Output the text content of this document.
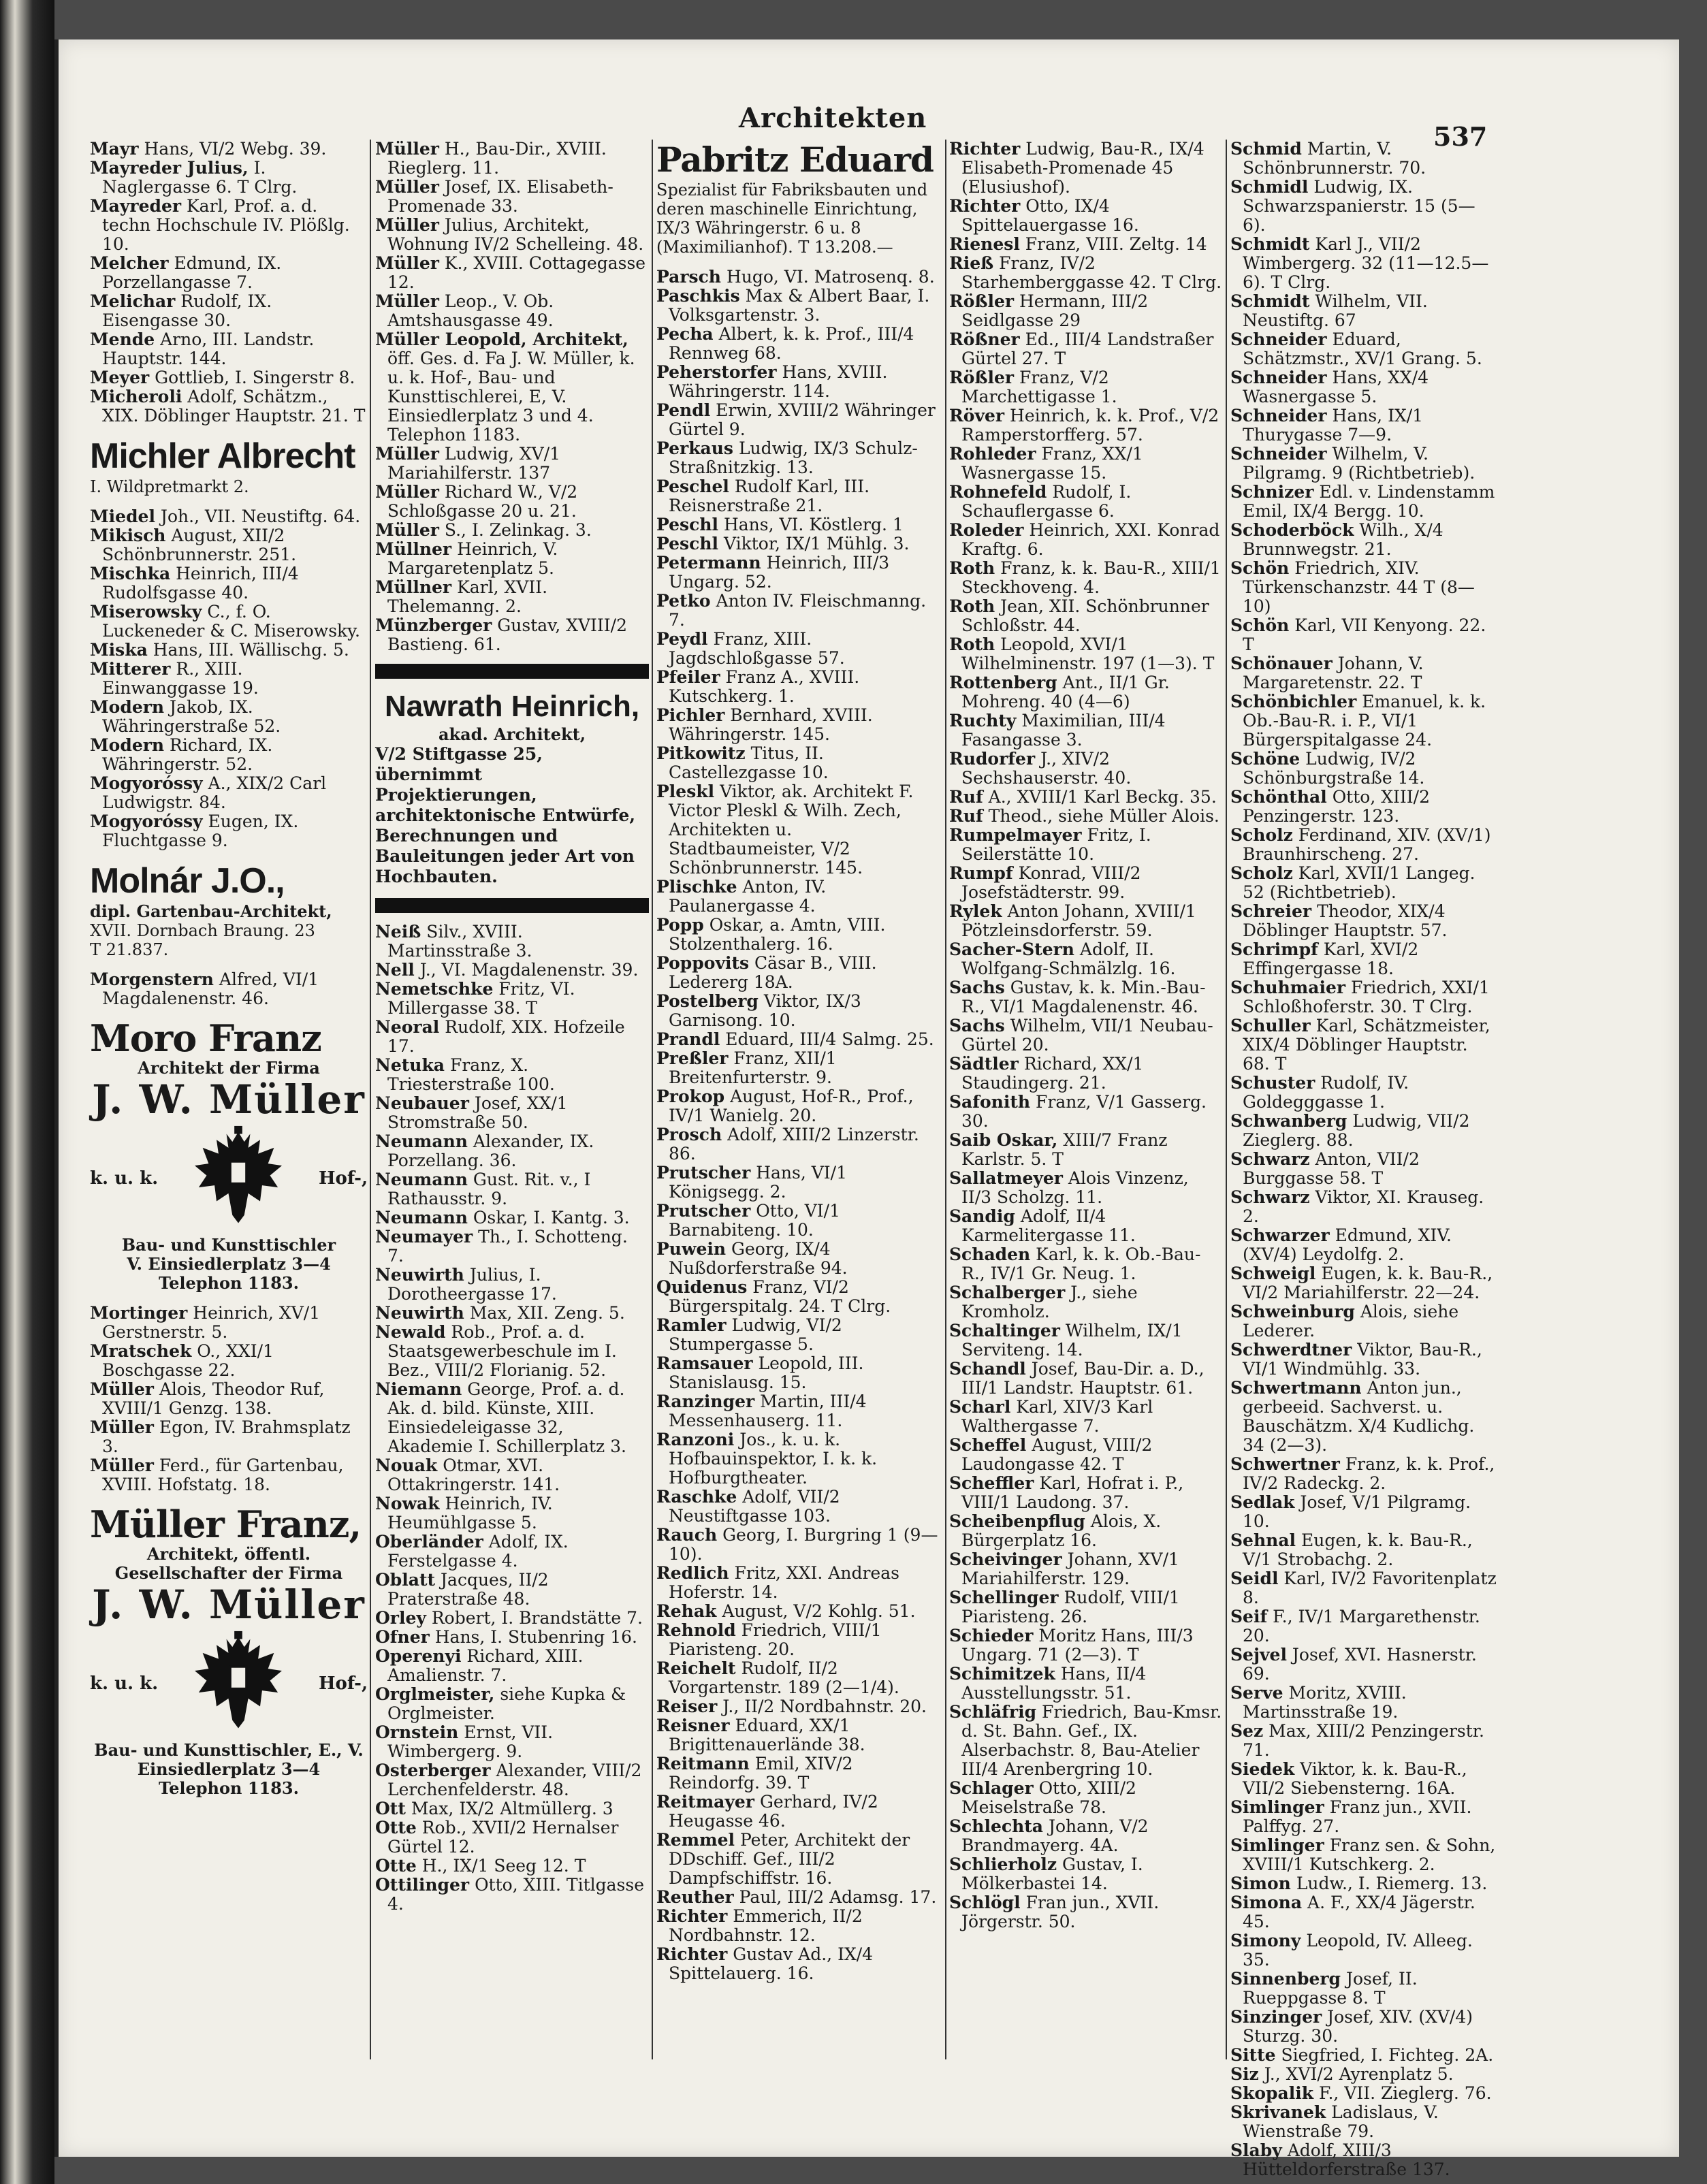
Architekten
537

Mayr Hans, VI/2 Webg. 39.

Mayreder Julius, I. Naglergasse 6. T Clrg.

Mayreder Karl, Prof. a. d. techn Hochschule IV. Plößlg. 10.

Melcher Edmund, IX. Porzellangasse 7.

Melichar Rudolf, IX. Eisengasse 30.

Mende Arno, III. Landstr. Hauptstr. 144.

Meyer Gottlieb, I. Singerstr 8.

Micheroli Adolf, Schätzm., XIX. Döblinger Hauptstr. 21. T

Michler Albrecht
I. Wildpretmarkt 2.

Miedel Joh., VII. Neustiftg. 64.

Mikisch August, XII/2 Schönbrunnerstr. 251.

Mischka Heinrich, III/4 Rudolfsgasse 40.

Miserowsky C., f. O. Luckeneder & C. Miserowsky.

Miska Hans, III. Wällischg. 5.

Mitterer R., XIII. Einwanggasse 19.

Modern Jakob, IX. Währingerstraße 52.

Modern Richard, IX. Währingerstr. 52.

Mogyoróssy A., XIX/2 Carl Ludwigstr. 84.

Mogyoróssy Eugen, IX. Fluchtgasse 9.

Molnár J.O.,
dipl. Gartenbau-Architekt,
XVII. Dornbach Braung. 23
T 21.837.

Morgenstern Alfred, VI/1 Magdalenenstr. 46.

Moro Franz
Architekt der Firma
J. W. Müller
k. u. k.	Hof-,
Bau- und Kunsttischler
V. Einsiedlerplatz 3—4
Telephon 1183.

Mortinger Heinrich, XV/1 Gerstnerstr. 5.

Mratschek O., XXI/1 Boschgasse 22.

Müller Alois, Theodor Ruf, XVIII/1 Genzg. 138.

Müller Egon, IV. Brahmsplatz 3.

Müller Ferd., für Gartenbau, XVIII. Hofstatg. 18.

Müller Franz,
Architekt, öffentl. Gesellschafter der Firma
J. W. Müller
k. u. k.	Hof-,
Bau- und Kunsttischler, E., V. Einsiedlerplatz 3—4
Telephon 1183.

Müller H., Bau-Dir., XVIII. Rieglerg. 11.

Müller Josef, IX. Elisabeth-Promenade 33.

Müller Julius, Architekt, Wohnung IV/2 Schelleing. 48.

Müller K., XVIII. Cottagegasse 12.

Müller Leop., V. Ob. Amtshausgasse 49.

Müller Leopold, Architekt, öff. Ges. d. Fa J. W. Müller, k. u. k. Hof-, Bau- und Kunsttischlerei, E, V. Einsiedlerplatz 3 und 4. Telephon 1183.

Müller Ludwig, XV/1 Mariahilferstr. 137

Müller Richard W., V/2 Schloßgasse 20 u. 21.

Müller S., I. Zelinkag. 3.

Müllner Heinrich, V. Margaretenplatz 5.

Müllner Karl, XVII. Thelemanng. 2.

Münzberger Gustav, XVIII/2 Bastieng. 61.

Nawrath Heinrich,
akad. Architekt,
V/2 Stiftgasse 25, übernimmt Projektierungen, architektonische Entwürfe, Berechnungen und Bauleitungen jeder Art von Hochbauten.

Neiß Silv., XVIII. Martinsstraße 3.

Nell J., VI. Magdalenenstr. 39.

Nemetschke Fritz, VI. Millergasse 38. T

Neoral Rudolf, XIX. Hofzeile 17.

Netuka Franz, X. Triesterstraße 100.

Neubauer Josef, XX/1 Stromstraße 50.

Neumann Alexander, IX. Porzellang. 36.

Neumann Gust. Rit. v., I Rathausstr. 9.

Neumann Oskar, I. Kantg. 3.

Neumayer Th., I. Schotteng. 7.

Neuwirth Julius, I. Dorotheergasse 17.

Neuwirth Max, XII. Zeng. 5.

Newald Rob., Prof. a. d. Staatsgewerbeschule im I. Bez., VIII/2 Florianig. 52.

Niemann George, Prof. a. d. Ak. d. bild. Künste, XIII. Einsiedeleigasse 32, Akademie I. Schillerplatz 3.

Nouak Otmar, XVI. Ottakringerstr. 141.

Nowak Heinrich, IV. Heumühlgasse 5.

Oberländer Adolf, IX. Ferstelgasse 4.

Oblatt Jacques, II/2 Praterstraße 48.

Orley Robert, I. Brandstätte 7.

Ofner Hans, I. Stubenring 16.

Operenyi Richard, XIII. Amalienstr. 7.

Orglmeister, siehe Kupka & Orglmeister.

Ornstein Ernst, VII. Wimbergerg. 9.

Osterberger Alexander, VIII/2 Lerchenfelderstr. 48.

Ott Max, IX/2 Altmüllerg. 3

Otte Rob., XVII/2 Hernalser Gürtel 12.

Otte H., IX/1 Seeg 12. T

Ottilinger Otto, XIII. Titlgasse 4.

Pabritz Eduard
Spezialist für Fabriksbauten und deren maschinelle Einrichtung, IX/3 Währingerstr. 6 u. 8 (Maximilianhof). T 13.208.—

Parsch Hugo, VI. Matrosenq. 8.

Paschkis Max & Albert Baar, I. Volksgartenstr. 3.

Pecha Albert, k. k. Prof., III/4 Rennweg 68.

Peherstorfer Hans, XVIII. Währingerstr. 114.

Pendl Erwin, XVIII/2 Währinger Gürtel 9.

Perkaus Ludwig, IX/3 Schulz-Straßnitzkig. 13.

Peschel Rudolf Karl, III. Reisnerstraße 21.

Peschl Hans, VI. Köstlerg. 1

Peschl Viktor, IX/1 Mühlg. 3.

Petermann Heinrich, III/3 Ungarg. 52.

Petko Anton IV. Fleischmanng. 7.

Peydl Franz, XIII. Jagdschloßgasse 57.

Pfeiler Franz A., XVIII. Kutschkerg. 1.

Pichler Bernhard, XVIII. Währingerstr. 145.

Pitkowitz Titus, II. Castellezgasse 10.

Pleskl Viktor, ak. Architekt F. Victor Pleskl & Wilh. Zech, Architekten u. Stadtbaumeister, V/2 Schönbrunnerstr. 145.

Plischke Anton, IV. Paulanergasse 4.

Popp Oskar, a. Amtn, VIII. Stolzenthalerg. 16.

Poppovits Cäsar B., VIII. Ledererg 18A.

Postelberg Viktor, IX/3 Garnisong. 10.

Prandl Eduard, III/4 Salmg. 25.

Preßler Franz, XII/1 Breitenfurterstr. 9.

Prokop August, Hof-R., Prof., IV/1 Wanielg. 20.

Prosch Adolf, XIII/2 Linzerstr. 86.

Prutscher Hans, VI/1 Königsegg. 2.

Prutscher Otto, VI/1 Barnabiteng. 10.

Puwein Georg, IX/4 Nußdorferstraße 94.

Quidenus Franz, VI/2 Bürgerspitalg. 24. T Clrg.

Ramler Ludwig, VI/2 Stumpergasse 5.

Ramsauer Leopold, III. Stanislausg. 15.

Ranzinger Martin, III/4 Messenhauserg. 11.

Ranzoni Jos., k. u. k. Hofbauinspektor, I. k. k. Hofburgtheater.

Raschke Adolf, VII/2 Neustiftgasse 103.

Rauch Georg, I. Burgring 1 (9—10).

Redlich Fritz, XXI. Andreas Hoferstr. 14.

Rehak August, V/2 Kohlg. 51.

Rehnold Friedrich, VIII/1 Piaristeng. 20.

Reichelt Rudolf, II/2 Vorgartenstr. 189 (2—1/4).

Reiser J., II/2 Nordbahnstr. 20.

Reisner Eduard, XX/1 Brigittenauerlände 38.

Reitmann Emil, XIV/2 Reindorfg. 39. T

Reitmayer Gerhard, IV/2 Heugasse 46.

Remmel Peter, Architekt der DDschiff. Gef., III/2 Dampfschiffstr. 16.

Reuther Paul, III/2 Adamsg. 17.

Richter Emmerich, II/2 Nordbahnstr. 12.

Richter Gustav Ad., IX/4 Spittelauerg. 16.

Richter Ludwig, Bau-R., IX/4 Elisabeth-Promenade 45 (Elusiushof).

Richter Otto, IX/4 Spittelauergasse 16.

Rienesl Franz, VIII. Zeltg. 14

Rieß Franz, IV/2 Starhemberggasse 42. T Clrg.

Rößler Hermann, III/2 Seidlgasse 29

Rößner Ed., III/4 Landstraßer Gürtel 27. T

Rößler Franz, V/2 Marchettigasse 1.

Röver Heinrich, k. k. Prof., V/2 Ramperstorfferg. 57.

Rohleder Franz, XX/1 Wasnergasse 15.

Rohnefeld Rudolf, I. Schauflergasse 6.

Roleder Heinrich, XXI. Konrad Kraftg. 6.

Roth Franz, k. k. Bau-R., XIII/1 Steckhoveng. 4.

Roth Jean, XII. Schönbrunner Schloßstr. 44.

Roth Leopold, XVI/1 Wilhelminenstr. 197 (1—3). T

Rottenberg Ant., II/1 Gr. Mohreng. 40 (4—6)

Ruchty Maximilian, III/4 Fasangasse 3.

Rudorfer J., XIV/2 Sechshauserstr. 40.

Ruf A., XVIII/1 Karl Beckg. 35.

Ruf Theod., siehe Müller Alois.

Rumpelmayer Fritz, I. Seilerstätte 10.

Rumpf Konrad, VIII/2 Josefstädterstr. 99.

Rylek Anton Johann, XVIII/1 Pötzleinsdorferstr. 59.

Sacher-Stern Adolf, II. Wolfgang-Schmälzlg. 16.

Sachs Gustav, k. k. Min.-Bau-R., VI/1 Magdalenenstr. 46.

Sachs Wilhelm, VII/1 Neubau-Gürtel 20.

Sädtler Richard, XX/1 Staudingerg. 21.

Safonith Franz, V/1 Gasserg. 30.

Saib Oskar, XIII/7 Franz Karlstr. 5. T

Sallatmeyer Alois Vinzenz, II/3 Scholzg. 11.

Sandig Adolf, II/4 Karmelitergasse 11.

Schaden Karl, k. k. Ob.-Bau-R., IV/1 Gr. Neug. 1.

Schalberger J., siehe Kromholz.

Schaltinger Wilhelm, IX/1 Serviteng. 14.

Schandl Josef, Bau-Dir. a. D., III/1 Landstr. Hauptstr. 61.

Scharl Karl, XIV/3 Karl Walthergasse 7.

Scheffel August, VIII/2 Laudongasse 42. T

Scheffler Karl, Hofrat i. P., VIII/1 Laudong. 37.

Scheibenpflug Alois, X. Bürgerplatz 16.

Scheivinger Johann, XV/1 Mariahilferstr. 129.

Schellinger Rudolf, VIII/1 Piaristeng. 26.

Schieder Moritz Hans, III/3 Ungarg. 71 (2—3). T

Schimitzek Hans, II/4 Ausstellungsstr. 51.

Schläfrig Friedrich, Bau-Kmsr. d. St. Bahn. Gef., IX. Alserbachstr. 8, Bau-Atelier III/4 Arenbergring 10.

Schlager Otto, XIII/2 Meiselstraße 78.

Schlechta Johann, V/2 Brandmayerg. 4A.

Schlierholz Gustav, I. Mölkerbastei 14.

Schlögl Fran jun., XVII. Jörgerstr. 50.

Schmid Martin, V. Schönbrunnerstr. 70.

Schmidl Ludwig, IX. Schwarzspanierstr. 15 (5—6).

Schmidt Karl J., VII/2 Wimbergerg. 32 (11—12.5—6). T Clrg.

Schmidt Wilhelm, VII. Neustiftg. 67

Schneider Eduard, Schätzmstr., XV/1 Grang. 5.

Schneider Hans, XX/4 Wasnergasse 5.

Schneider Hans, IX/1 Thurygasse 7—9.

Schneider Wilhelm, V. Pilgramg. 9 (Richtbetrieb).

Schnizer Edl. v. Lindenstamm Emil, IX/4 Bergg. 10.

Schoderböck Wilh., X/4 Brunnwegstr. 21.

Schön Friedrich, XIV. Türkenschanzstr. 44 T (8—10)

Schön Karl, VII Kenyong. 22. T

Schönauer Johann, V. Margaretenstr. 22. T

Schönbichler Emanuel, k. k. Ob.-Bau-R. i. P., VI/1 Bürgerspitalgasse 24.

Schöne Ludwig, IV/2 Schönburgstraße 14.

Schönthal Otto, XIII/2 Penzingerstr. 123.

Scholz Ferdinand, XIV. (XV/1) Braunhirscheng. 27.

Scholz Karl, XVII/1 Langeg. 52 (Richtbetrieb).

Schreier Theodor, XIX/4 Döblinger Hauptstr. 57.

Schrimpf Karl, XVI/2 Effingergasse 18.

Schuhmaier Friedrich, XXI/1 Schloßhoferstr. 30. T Clrg.

Schuller Karl, Schätzmeister, XIX/4 Döblinger Hauptstr. 68. T

Schuster Rudolf, IV. Goldegggasse 1.

Schwanberg Ludwig, VII/2 Zieglerg. 88.

Schwarz Anton, VII/2 Burggasse 58. T

Schwarz Viktor, XI. Krauseg. 2.

Schwarzer Edmund, XIV. (XV/4) Leydolfg. 2.

Schweigl Eugen, k. k. Bau-R., VI/2 Mariahilferstr. 22—24.

Schweinburg Alois, siehe Lederer.

Schwerdtner Viktor, Bau-R., VI/1 Windmühlg. 33.

Schwertmann Anton jun., gerbeeid. Sachverst. u. Bauschätzm. X/4 Kudlichg. 34 (2—3).

Schwertner Franz, k. k. Prof., IV/2 Radeckg. 2.

Sedlak Josef, V/1 Pilgramg. 10.

Sehnal Eugen, k. k. Bau-R., V/1 Strobachg. 2.

Seidl Karl, IV/2 Favoritenplatz 8.

Seif F., IV/1 Margarethenstr. 20.

Sejvel Josef, XVI. Hasnerstr. 69.

Serve Moritz, XVIII. Martinsstraße 19.

Sez Max, XIII/2 Penzingerstr. 71.

Siedek Viktor, k. k. Bau-R., VII/2 Siebensterng. 16A.

Simlinger Franz jun., XVII. Palffyg. 27.

Simlinger Franz sen. & Sohn, XVIII/1 Kutschkerg. 2.

Simon Ludw., I. Riemerg. 13.

Simona A. F., XX/4 Jägerstr. 45.

Simony Leopold, IV. Alleeg. 35.

Sinnenberg Josef, II. Rueppgasse 8. T

Sinzinger Josef, XIV. (XV/4) Sturzg. 30.

Sitte Siegfried, I. Fichteg. 2A.

Siz J., XVI/2 Ayrenplatz 5.

Skopalik F., VII. Zieglerg. 76.

Skrivanek Ladislaus, V. Wienstraße 79.

Slaby Adolf, XIII/3 Hütteldorferstraße 137.
